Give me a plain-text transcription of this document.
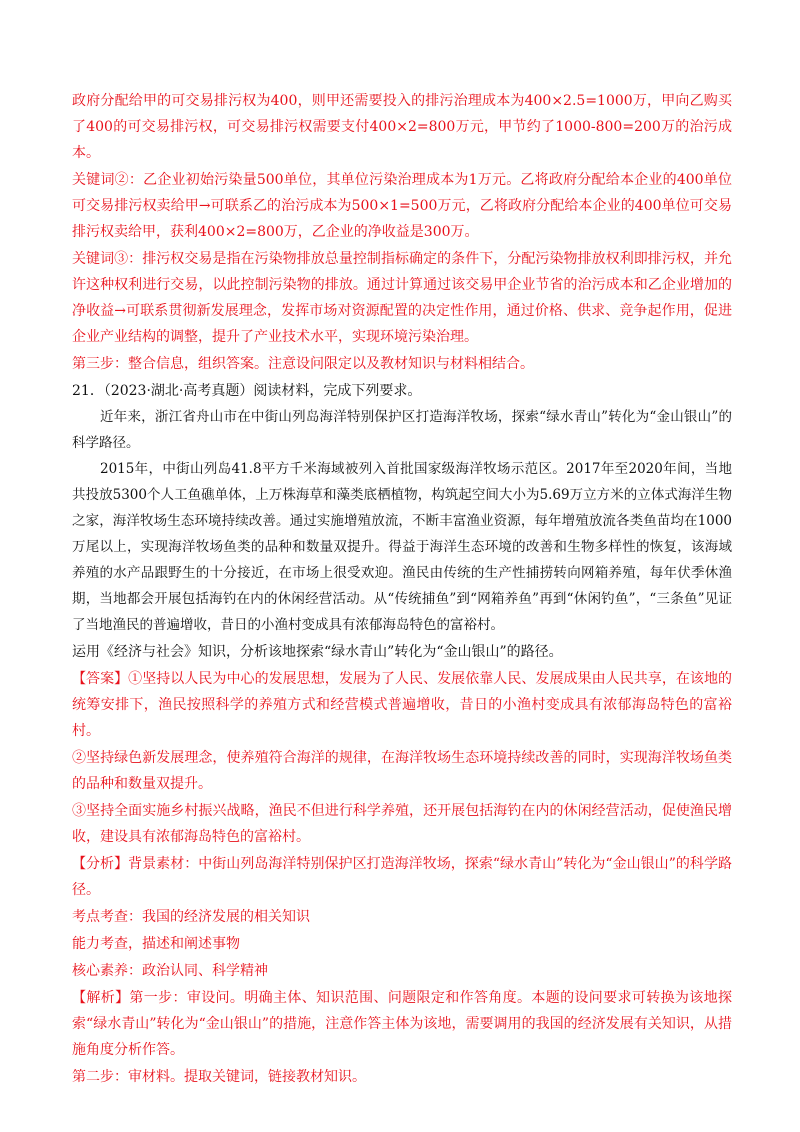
政府分配给甲的可交易排污权为400，则甲还需要投入的排污治理成本为400×2.5=1000万，甲向乙购买了400的可交易排污权，可交易排污权需要支付400×2=800万元，甲节约了1000-800=200万的治污成本。

关键词②：乙企业初始污染量500单位，其单位污染治理成本为1万元。乙将政府分配给本企业的400单位可交易排污权卖给甲→可联系乙的治污成本为500×1=500万元，乙将政府分配给本企业的400单位可交易排污权卖给甲，获利400×2=800万，乙企业的净收益是300万。

关键词③：排污权交易是指在污染物排放总量控制指标确定的条件下，分配污染物排放权利即排污权，并允许这种权利进行交易，以此控制污染物的排放。通过计算通过该交易甲企业节省的治污成本和乙企业增加的净收益→可联系贯彻新发展理念，发挥市场对资源配置的决定性作用，通过价格、供求、竞争起作用，促进企业产业结构的调整，提升了产业技术水平，实现环境污染治理。

第三步：整合信息，组织答案。注意设问限定以及教材知识与材料相结合。

21．（2023·湖北·高考真题）阅读材料，完成下列要求。

近年来，浙江省舟山市在中街山列岛海洋特别保护区打造海洋牧场，探索“绿水青山”转化为“金山银山”的科学路径。

2015年，中街山列岛41.8平方千米海域被列入首批国家级海洋牧场示范区。2017年至2020年间，当地共投放5300个人工鱼礁单体，上万株海草和藻类底栖植物，构筑起空间大小为5.69万立方米的立体式海洋生物之家，海洋牧场生态环境持续改善。通过实施增殖放流，不断丰富渔业资源，每年增殖放流各类鱼苗均在1000万尾以上，实现海洋牧场鱼类的品种和数量双提升。得益于海洋生态环境的改善和生物多样性的恢复，该海域养殖的水产品跟野生的十分接近，在市场上很受欢迎。渔民由传统的生产性捕捞转向网箱养殖，每年伏季休渔期，当地都会开展包括海钓在内的休闲经营活动。从“传统捕鱼”到“网箱养鱼”再到“休闲钓鱼”，“三条鱼”见证了当地渔民的普遍增收，昔日的小渔村变成具有浓郁海岛特色的富裕村。

运用《经济与社会》知识，分析该地探索“绿水青山”转化为“金山银山”的路径。

【答案】①坚持以人民为中心的发展思想，发展为了人民、发展依靠人民、发展成果由人民共享，在该地的统筹安排下，渔民按照科学的养殖方式和经营模式普遍增收，昔日的小渔村变成具有浓郁海岛特色的富裕村。

②坚持绿色新发展理念，使养殖符合海洋的规律，在海洋牧场生态环境持续改善的同时，实现海洋牧场鱼类的品种和数量双提升。

③坚持全面实施乡村振兴战略，渔民不但进行科学养殖，还开展包括海钓在内的休闲经营活动，促使渔民增收，建设具有浓郁海岛特色的富裕村。

【分析】背景素材：中街山列岛海洋特别保护区打造海洋牧场，探索“绿水青山”转化为“金山银山”的科学路径。

考点考查：我国的经济发展的相关知识

能力考查，描述和阐述事物

核心素养：政治认同、科学精神

【解析】第一步：审设问。明确主体、知识范围、问题限定和作答角度。本题的设问要求可转换为该地探索“绿水青山”转化为“金山银山”的措施，注意作答主体为该地，需要调用的我国的经济发展有关知识，从措施角度分析作答。

第二步：审材料。提取关键词，链接教材知识。
